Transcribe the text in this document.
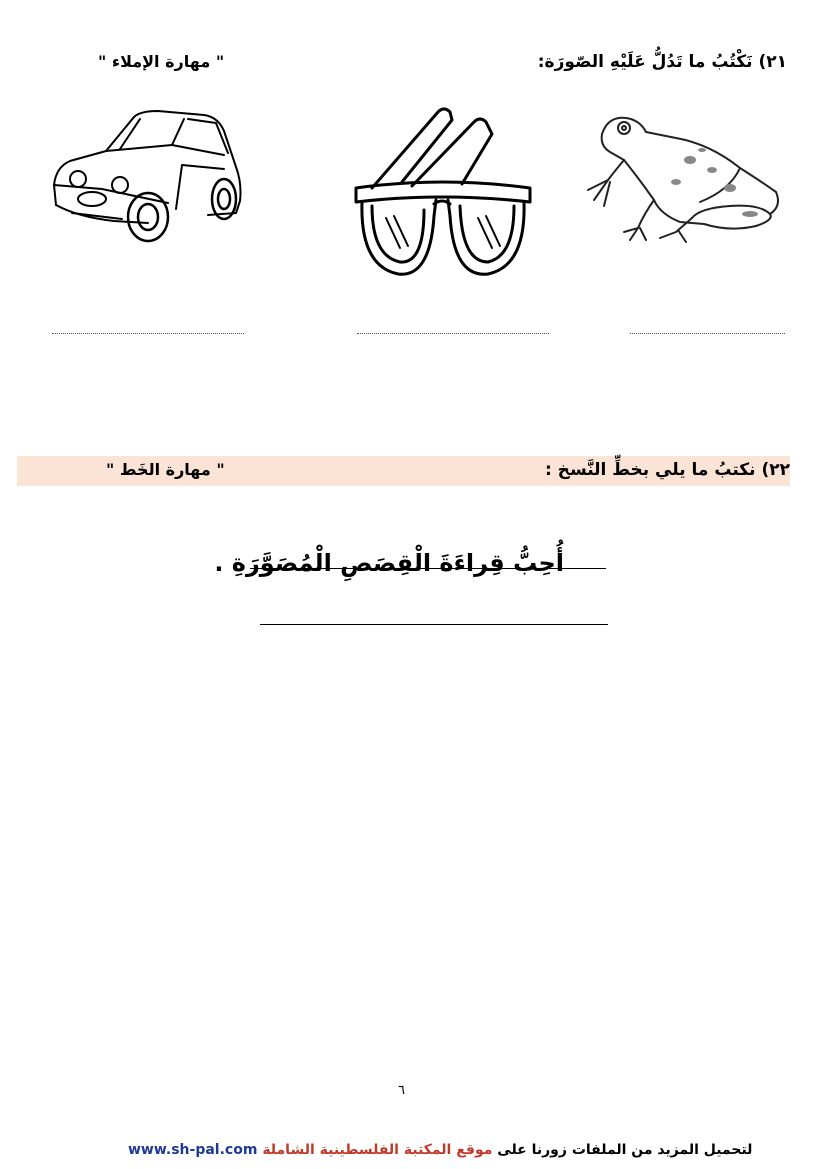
٢١) نَكْتُبُ ما تَدُلُّ عَلَيْهِ الصّورَة:
" مهارة الإملاء "
٢٢) نكتبُ ما يلي بخطِّ النَّسخ :
" مهارة الخَط "
أُحِبُّ قِراءَةَ الْقِصَصِ الْمُصَوَّرَةِ .
٦
www.sh-pal.com موقع المكتبة الفلسطينية الشاملة لتحميل المزيد من الملفات زورنا على
